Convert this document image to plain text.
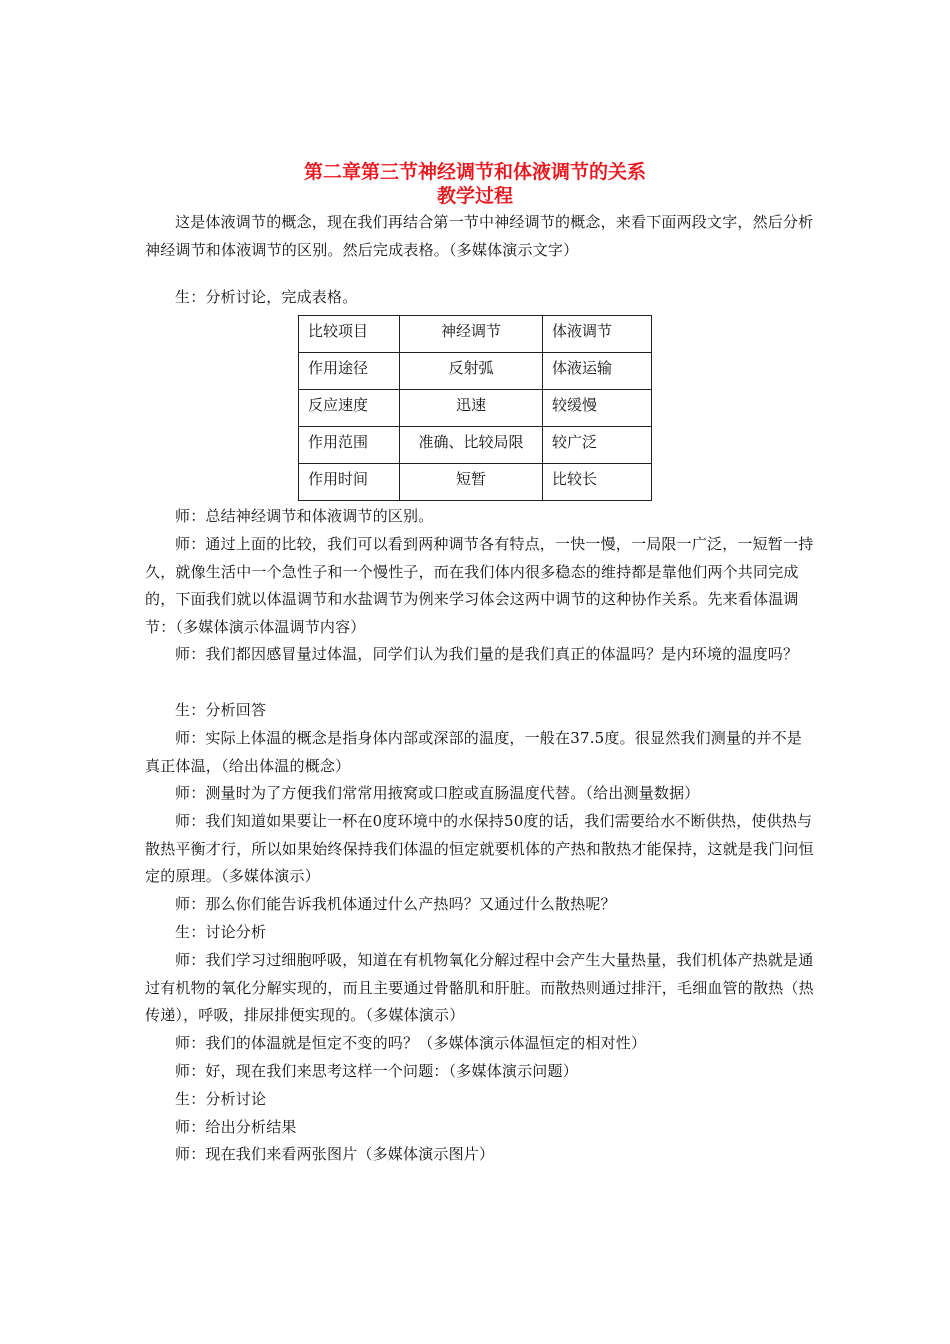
第二章第三节神经调节和体液调节的关系
教学过程
这是体液调节的概念，现在我们再结合第一节中神经调节的概念，来看下面两段文字，然后分析神经调节和体液调节的区别。然后完成表格。（多媒体演示文字）
生：分析讨论，完成表格。
比较项目	神经调节	体液调节
作用途径	反射弧	体液运输
反应速度	迅速	较缓慢
作用范围	准确、比较局限	较广泛
作用时间	短暂	比较长
师：总结神经调节和体液调节的区别。
师：通过上面的比较，我们可以看到两种调节各有特点，一快一慢，一局限一广泛，一短暂一持久，就像生活中一个急性子和一个慢性子，而在我们体内很多稳态的维持都是靠他们两个共同完成的，下面我们就以体温调节和水盐调节为例来学习体会这两中调节的这种协作关系。先来看体温调节：（多媒体演示体温调节内容）
师：我们都因感冒量过体温，同学们认为我们量的是我们真正的体温吗？是内环境的温度吗？
生：分析回答
师：实际上体温的概念是指身体内部或深部的温度，一般在37.5度。很显然我们测量的并不是真正体温，（给出体温的概念）
师：测量时为了方便我们常常用掖窝或口腔或直肠温度代替。（给出测量数据）
师：我们知道如果要让一杯在0度环境中的水保持50度的话，我们需要给水不断供热，使供热与散热平衡才行，所以如果始终保持我们体温的恒定就要机体的产热和散热才能保持，这就是我门问恒定的原理。（多媒体演示）
师：那么你们能告诉我机体通过什么产热吗？又通过什么散热呢？
生：讨论分析
师：我们学习过细胞呼吸，知道在有机物氧化分解过程中会产生大量热量，我们机体产热就是通过有机物的氧化分解实现的，而且主要通过骨骼肌和肝脏。而散热则通过排汗，毛细血管的散热（热传递），呼吸，排尿排便实现的。（多媒体演示）
师：我们的体温就是恒定不变的吗？（多媒体演示体温恒定的相对性）
师：好，现在我们来思考这样一个问题：（多媒体演示问题）
生：分析讨论
师：给出分析结果
师：现在我们来看两张图片（多媒体演示图片）
